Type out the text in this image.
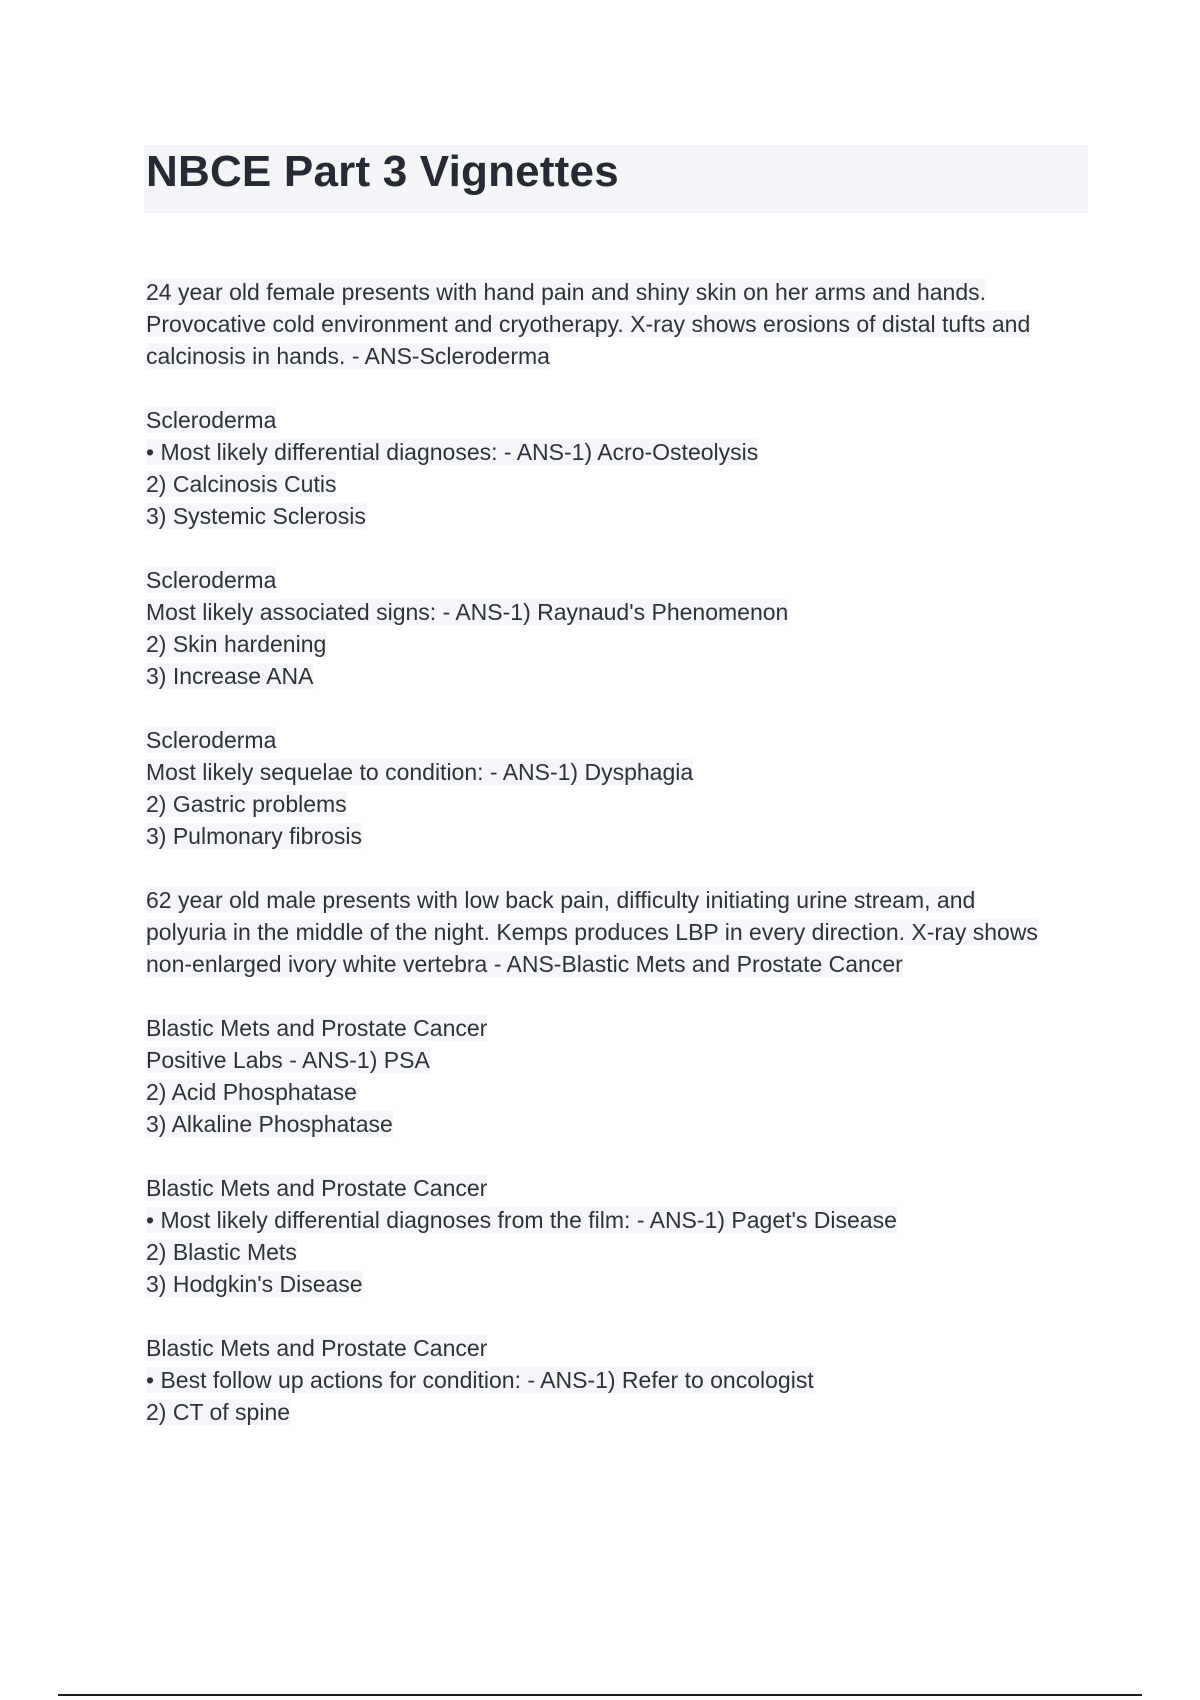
NBCE Part 3 Vignettes
24 year old female presents with hand pain and shiny skin on her arms and hands.
Provocative cold environment and cryotherapy. X-ray shows erosions of distal tufts and
calcinosis in hands. - ANS-Scleroderma
Scleroderma
• Most likely differential diagnoses: - ANS-1) Acro-Osteolysis
2) Calcinosis Cutis
3) Systemic Sclerosis
Scleroderma
Most likely associated signs: - ANS-1) Raynaud's Phenomenon
2) Skin hardening
3) Increase ANA
Scleroderma
Most likely sequelae to condition: - ANS-1) Dysphagia
2) Gastric problems
3) Pulmonary fibrosis
62 year old male presents with low back pain, difficulty initiating urine stream, and
polyuria in the middle of the night. Kemps produces LBP in every direction. X-ray shows
non-enlarged ivory white vertebra - ANS-Blastic Mets and Prostate Cancer
Blastic Mets and Prostate Cancer
Positive Labs - ANS-1) PSA
2) Acid Phosphatase
3) Alkaline Phosphatase
Blastic Mets and Prostate Cancer
• Most likely differential diagnoses from the film: - ANS-1) Paget's Disease
2) Blastic Mets
3) Hodgkin's Disease
Blastic Mets and Prostate Cancer
• Best follow up actions for condition: - ANS-1) Refer to oncologist
2) CT of spine
